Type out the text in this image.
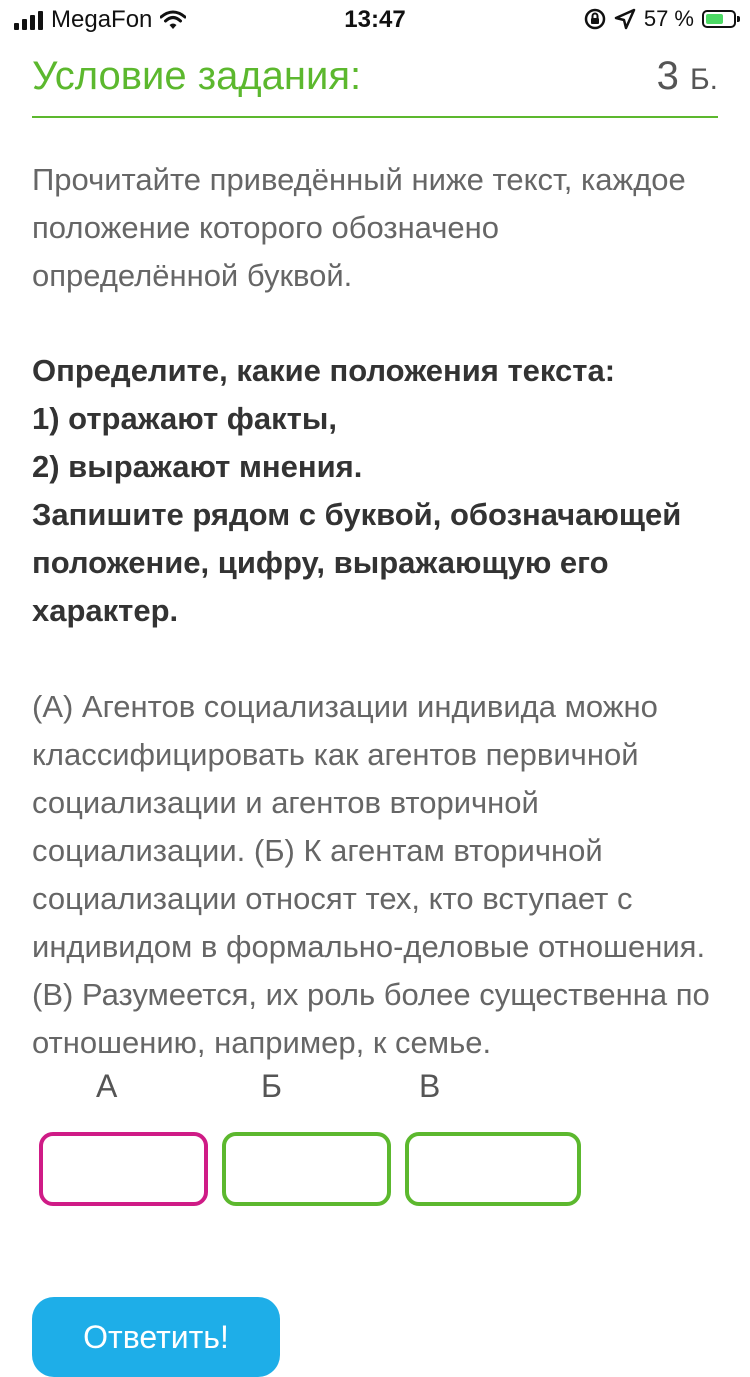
MegaFon	13:47	57 %
Условие задания:	3 Б.
Прочитайте приведённый ниже текст, каждое
положение которого обозначено
определённой буквой.
Определите, какие положения текста:
1) отражают факты,
2) выражают мнения.
Запишите рядом с буквой, обозначающей
положение, цифру, выражающую его
характер.
(А) Агентов социализации индивида можно
классифицировать как агентов первичной
социализации и агентов вторичной
социализации. (Б) К агентам вторичной
социализации относят тех, кто вступает с
индивидом в формально-деловые отношения.
(В) Разумеется, их роль более существенна по
отношению, например, к семье.
А	Б	В
Ответить!
